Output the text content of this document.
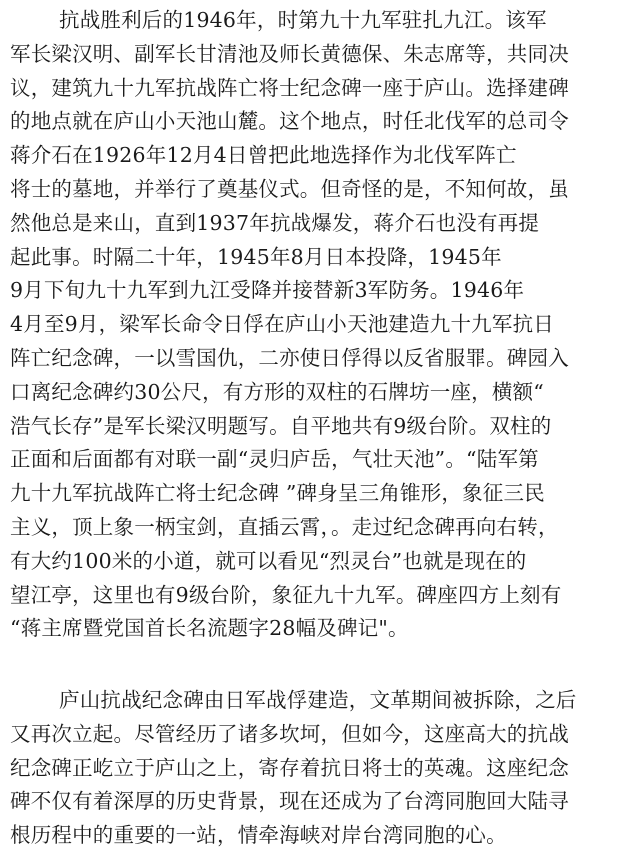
抗战胜利后的1946年，时第九十九军驻扎九江。该军
军长梁汉明、副军长甘清池及师长黄德保、朱志席等，共同决
议，建筑九十九军抗战阵亡将士纪念碑一座于庐山。选择建碑
的地点就在庐山小天池山麓。这个地点，时任北伐军的总司令
蒋介石在1926年12月4日曾把此地选择作为北伐军阵亡
将士的墓地，并举行了奠基仪式。但奇怪的是，不知何故，虽
然他总是来山，直到1937年抗战爆发，蒋介石也没有再提
起此事。时隔二十年，1945年8月日本投降，1945年
9月下旬九十九军到九江受降并接替新3军防务。1946年
4月至9月，梁军长命令日俘在庐山小天池建造九十九军抗日
阵亡纪念碑，一以雪国仇，二亦使日俘得以反省服罪。碑园入
口离纪念碑约30公尺，有方形的双柱的石牌坊一座，横额“
浩气长存”是军长梁汉明题写。自平地共有9级台阶。双柱的
正面和后面都有对联一副“灵归庐岳，气壮天池”。“陆军第
九十九军抗战阵亡将士纪念碑 ”碑身呈三角锥形，象征三民
主义，顶上象一柄宝剑，直插云霄，。走过纪念碑再向右转，
有大约100米的小道，就可以看见“烈灵台”也就是现在的
望江亭，这里也有9级台阶，象征九十九军。碑座四方上刻有
“蒋主席暨党国首长名流题字28幅及碑记"。
庐山抗战纪念碑由日军战俘建造，文革期间被拆除，之后
又再次立起。尽管经历了诸多坎坷，但如今，这座高大的抗战
纪念碑正屹立于庐山之上，寄存着抗日将士的英魂。这座纪念
碑不仅有着深厚的历史背景，现在还成为了台湾同胞回大陆寻
根历程中的重要的一站，情牵海峡对岸台湾同胞的心。
